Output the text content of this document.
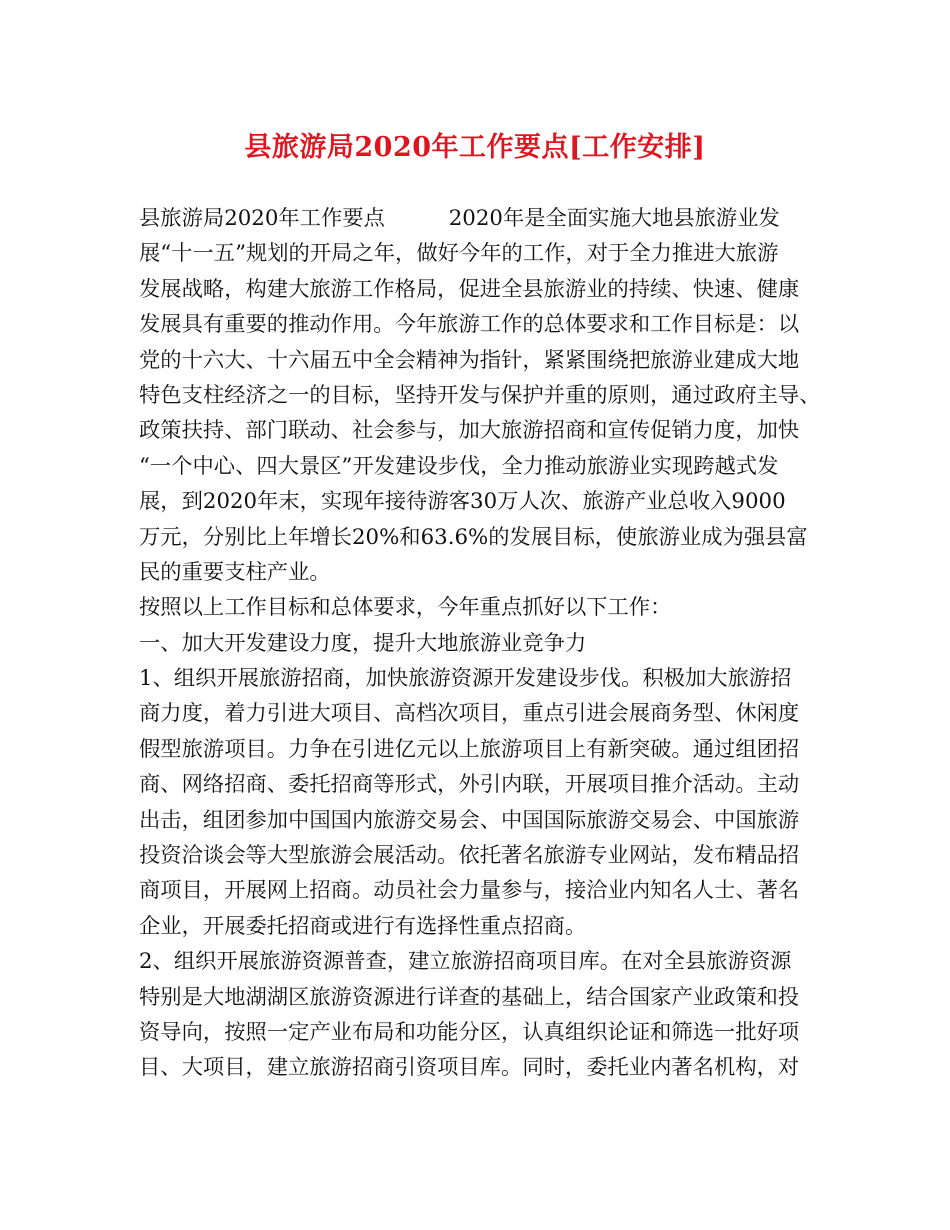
县旅游局2020年工作要点[工作安排]
县旅游局2020年工作要点　　　2020年是全面实施大地县旅游业发
展“十一五”规划的开局之年，做好今年的工作，对于全力推进大旅游
发展战略，构建大旅游工作格局，促进全县旅游业的持续、快速、健康
发展具有重要的推动作用。今年旅游工作的总体要求和工作目标是：以
党的十六大、十六届五中全会精神为指针，紧紧围绕把旅游业建成大地
特色支柱经济之一的目标，坚持开发与保护并重的原则，通过政府主导、
政策扶持、部门联动、社会参与，加大旅游招商和宣传促销力度，加快
“一个中心、四大景区”开发建设步伐，全力推动旅游业实现跨越式发
展，到2020年末，实现年接待游客30万人次、旅游产业总收入9000
万元，分别比上年增长20%和63.6%的发展目标，使旅游业成为强县富
民的重要支柱产业。
按照以上工作目标和总体要求，今年重点抓好以下工作：
一、加大开发建设力度，提升大地旅游业竞争力
1、组织开展旅游招商，加快旅游资源开发建设步伐。积极加大旅游招
商力度，着力引进大项目、高档次项目，重点引进会展商务型、休闲度
假型旅游项目。力争在引进亿元以上旅游项目上有新突破。通过组团招
商、网络招商、委托招商等形式，外引内联，开展项目推介活动。主动
出击，组团参加中国国内旅游交易会、中国国际旅游交易会、中国旅游
投资洽谈会等大型旅游会展活动。依托著名旅游专业网站，发布精品招
商项目，开展网上招商。动员社会力量参与，接洽业内知名人士、著名
企业，开展委托招商或进行有选择性重点招商。
2、组织开展旅游资源普查，建立旅游招商项目库。在对全县旅游资源
特别是大地湖湖区旅游资源进行详查的基础上，结合国家产业政策和投
资导向，按照一定产业布局和功能分区，认真组织论证和筛选一批好项
目、大项目，建立旅游招商引资项目库。同时，委托业内著名机构，对
